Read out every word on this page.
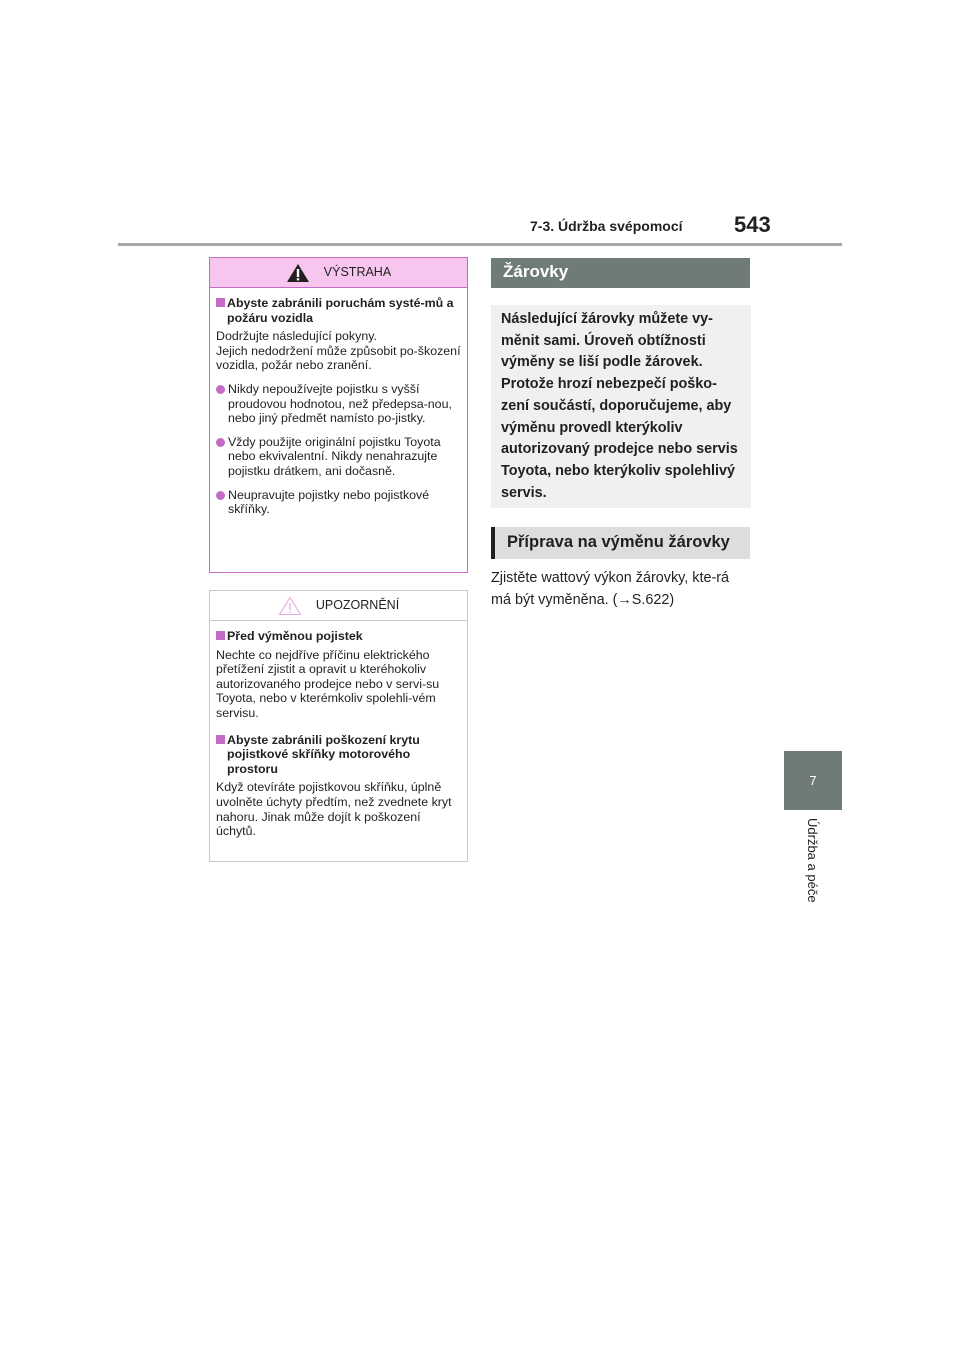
7-3. Údržba svépomocí 543
7
Údržba a péče
VÝSTRAHA
Abyste zabránili poruchám systé-mů a požáru vozidla
Dodržujte následující pokyny.
Jejich nedodržení může způsobit po-škození vozidla, požár nebo zranění.
Nikdy nepoužívejte pojistku s vyšší proudovou hodnotou, než předepsa-nou, nebo jiný předmět namísto po-jistky.
Vždy použijte originální pojistku Toyota nebo ekvivalentní. Nikdy nenahrazujte pojistku drátkem, ani dočasně.
Neupravujte pojistky nebo pojistkové skříňky.
UPOZORNĚNÍ
Před výměnou pojistek
Nechte co nejdříve příčinu elektrického přetížení zjistit a opravit u kteréhokoliv autorizovaného prodejce nebo v servi-su Toyota, nebo v kterémkoliv spolehli-vém servisu.
Abyste zabránili poškození krytu pojistkové skříňky motorového prostoru
Když otevíráte pojistkovou skříňku, úplně uvolněte úchyty předtím, než zvednete kryt nahoru. Jinak může dojít k poškození úchytů.
Žárovky
Následující žárovky můžete vy-měnit sami. Úroveň obtížnosti výměny se liší podle žárovek. Protože hrozí nebezpečí poško-zení součástí, doporučujeme, aby výměnu provedl kterýkoliv autorizovaný prodejce nebo servis Toyota, nebo kterýkoliv spolehlivý servis.
Příprava na výměnu žárovky
Zjistěte wattový výkon žárovky, kte-rá má být vyměněna. (→S.622)
